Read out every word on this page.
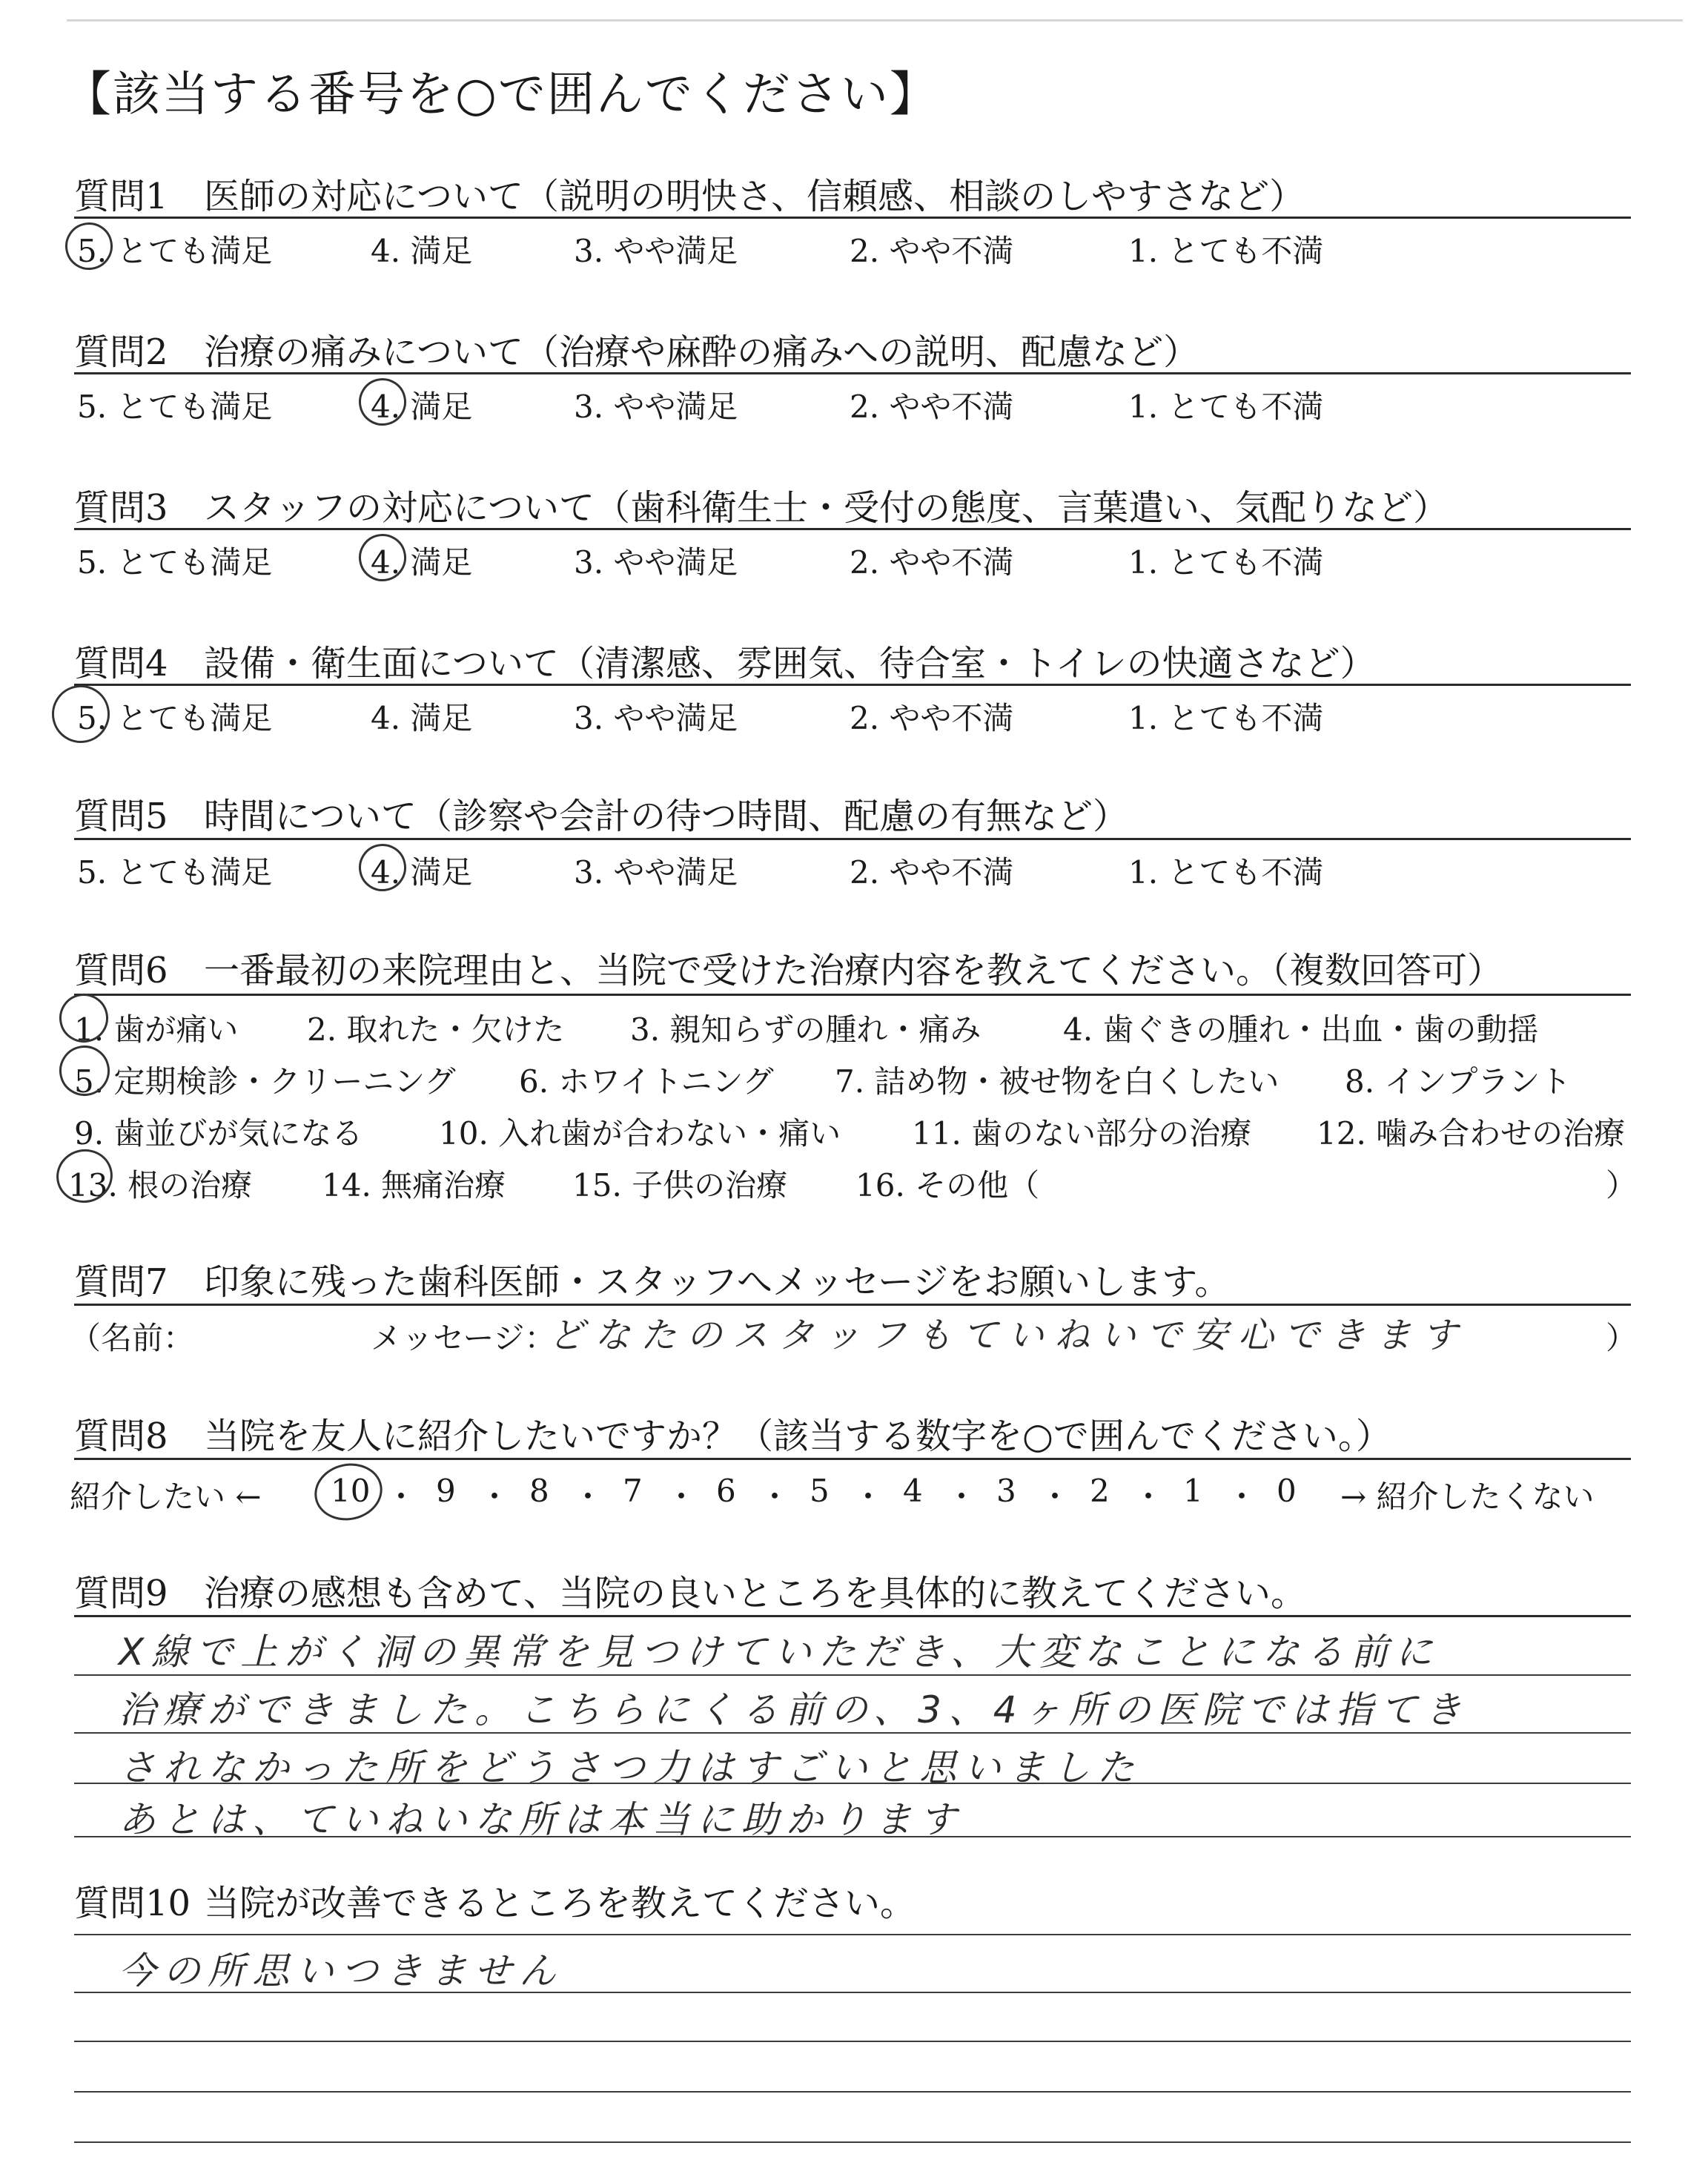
【該当する番号を○で囲んでください】
質問1 医師の対応について（説明の明快さ、信頼感、相談のしやすさなど）
5. とても満足	4. 満足	3. やや満足	2. やや不満	1. とても不満
質問2 治療の痛みについて（治療や麻酔の痛みへの説明、配慮など）
5. とても満足	4. 満足	3. やや満足	2. やや不満	1. とても不満
質問3 スタッフの対応について（歯科衛生士・受付の態度、言葉遣い、気配りなど）
5. とても満足	4. 満足	3. やや満足	2. やや不満	1. とても不満
質問4 設備・衛生面について（清潔感、雰囲気、待合室・トイレの快適さなど）
5. とても満足	4. 満足	3. やや満足	2. やや不満	1. とても不満
質問5 時間について（診察や会計の待つ時間、配慮の有無など）
5. とても満足	4. 満足	3. やや満足	2. やや不満	1. とても不満
質問6 一番最初の来院理由と、当院で受けた治療内容を教えてください。（複数回答可）
1. 歯が痛い 2. 取れた・欠けた 3. 親知らずの腫れ・痛み	4. 歯ぐきの腫れ・出血・歯の動揺
5. 定期検診・クリーニング 6. ホワイトニング 7. 詰め物・被せ物を白くしたい 8. インプラント
9. 歯並びが気になる 10. 入れ歯が合わない・痛い 11. 歯のない部分の治療 12. 噛み合わせの治療
13. 根の治療 14. 無痛治療 15. 子供の治療 16. その他（	）
質問7 印象に残った歯科医師・スタッフへメッセージをお願いします。
（名前：	メッセージ：
どなたのスタッフもていねいで安心できます	）
質問8 当院を友人に紹介したいですか？（該当する数字を○で囲んでください。）
紹介したい ← 10 ・ 9 ・ 8 ・ 7 ・ 6 ・ 5 ・ 4 ・ 3 ・ 2 ・ 1 ・ 0 → 紹介したくない
質問9 治療の感想も含めて、当院の良いところを具体的に教えてください。
X線で上がく洞の異常を見つけていただき、大変なことになる前に
治療ができました。こちらにくる前の、3、4ヶ所の医院では指てき
されなかった所をどうさつ力はすごいと思いました
あとは、ていねいな所は本当に助かります
質問10 当院が改善できるところを教えてください。
今の所思いつきません
